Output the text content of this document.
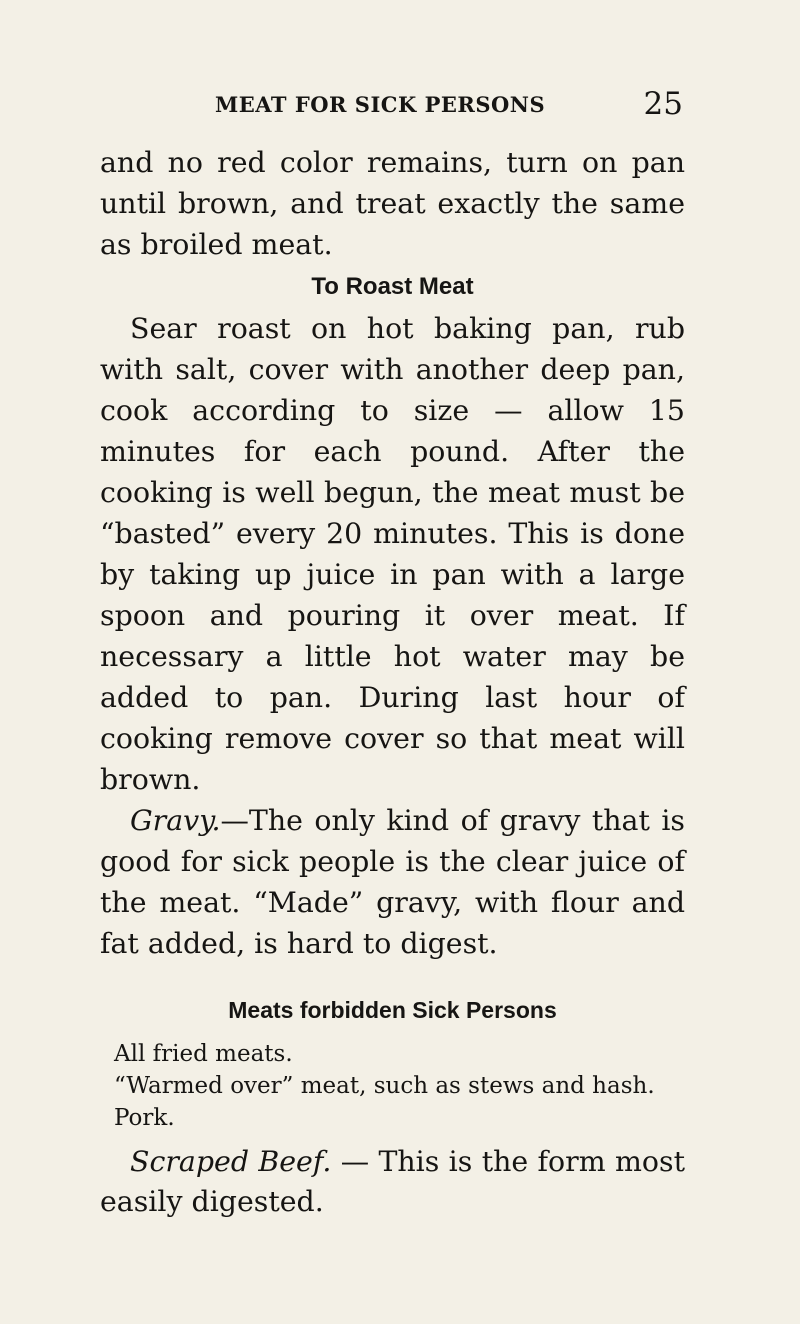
MEAT FOR SICK PERSONS	25

and no red color remains, turn on pan until brown, and treat exactly the same as broiled meat.

To Roast Meat

Sear roast on hot baking pan, rub with salt, cover with another deep pan, cook according to size — allow 15 minutes for each pound. After the cooking is well begun, the meat must be “basted” every 20 minutes. This is done by taking up juice in pan with a large spoon and pouring it over meat. If necessary a little hot water may be added to pan. During last hour of cooking remove cover so that meat will brown.

Gravy.—The only kind of gravy that is good for sick people is the clear juice of the meat. “Made” gravy, with flour and fat added, is hard to digest.

Meats forbidden Sick Persons
All fried meats.
“Warmed over” meat, such as stews and hash.
Pork.

Scraped Beef. — This is the form most easily digested.
